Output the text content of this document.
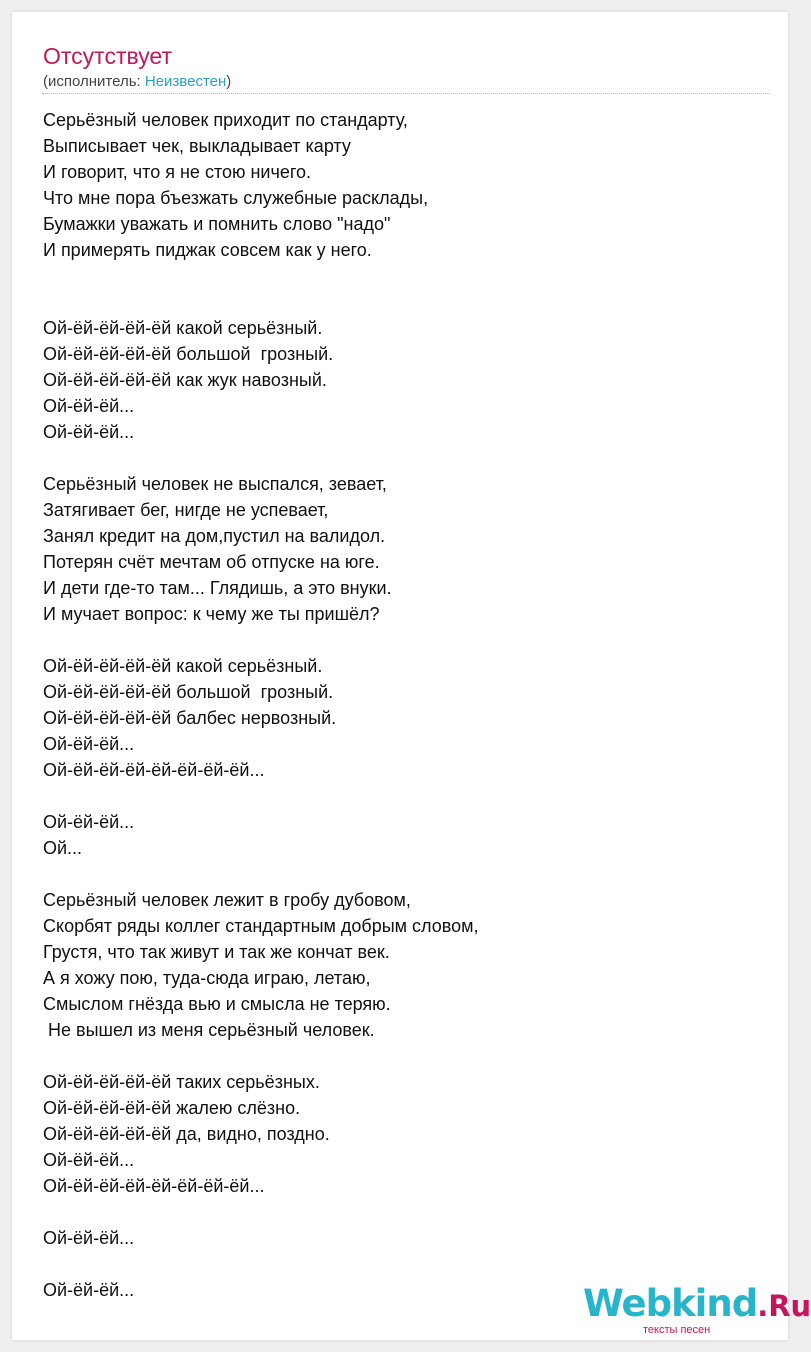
Отсутствует
(исполнитель: Неизвестен)
Серьёзный человек приходит по стандарту,
Выписывает чек, выкладывает карту
И говорит, что я не стою ничего.
Что мне пора бъезжать служебные расклады,
Бумажки уважать и помнить слово "надо"
И примерять пиджак совсем как у него.
Ой-ёй-ёй-ёй-ёй какой серьёзный.
Ой-ёй-ёй-ёй-ёй большой  грозный.
Ой-ёй-ёй-ёй-ёй как жук навозный.
Ой-ёй-ёй...
Ой-ёй-ёй...
Серьёзный человек не выспался, зевает,
Затягивает бег, нигде не успевает,
Занял кредит на дом,пустил на валидол.
Потерян счёт мечтам об отпуске на юге.
И дети где-то там... Глядишь, а это внуки.
И мучает вопрос: к чему же ты пришёл?
Ой-ёй-ёй-ёй-ёй какой серьёзный.
Ой-ёй-ёй-ёй-ёй большой  грозный.
Ой-ёй-ёй-ёй-ёй балбес нервозный.
Ой-ёй-ёй...
Ой-ёй-ёй-ёй-ёй-ёй-ёй-ёй...
Ой-ёй-ёй...
Ой...
Серьёзный человек лежит в гробу дубовом,
Скорбят ряды коллег стандартным добрым словом,
Грустя, что так живут и так же кончат век.
А я хожу пою, туда-сюда играю, летаю,
Смыслом гнёзда вью и смысла не теряю.
Не вышел из меня серьёзный человек.
Ой-ёй-ёй-ёй-ёй таких серьёзных.
Ой-ёй-ёй-ёй-ёй жалею слёзно.
Ой-ёй-ёй-ёй-ёй да, видно, поздно.
Ой-ёй-ёй...
Ой-ёй-ёй-ёй-ёй-ёй-ёй-ёй...
Ой-ёй-ёй...
Ой-ёй-ёй...	Webkind.Ru
тексты песен
